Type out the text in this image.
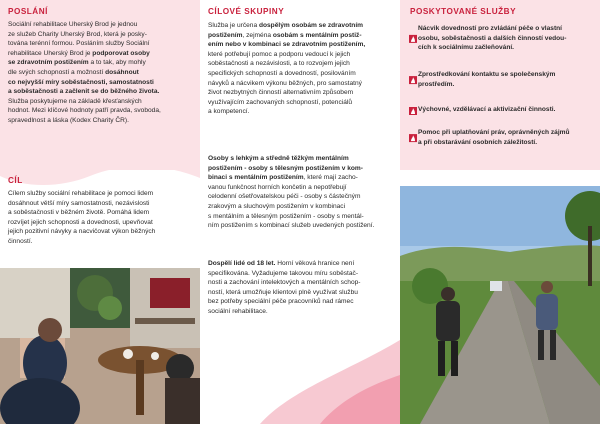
POSLÁNÍ
Sociální rehabilitace Uherský Brod je jednou
ze služeb Charity Uherský Brod, která je posky-
tována terénní formou. Posláním služby Sociální
rehabilitace Uherský Brod je podporovat osoby
se zdravotním postižením a to tak, aby mohly
dle svých schopností a možností dosáhnout
co nejvyšší míry soběstačnosti, samostatnosti
a soběstačnosti a začlenit se do běžného života.
Služba poskytujeme na základě křesťanských
hodnot. Mezi klíčové hodnoty patří pravda, svoboda,
spravedlnost a láska (Kodex Charity ČR).
CÍL
Cílem služby sociální rehabilitace je pomoci lidem
dosáhnout větší míry samostatnosti, nezávislosti
a soběstačnosti v běžném životě. Pomáhá lidem
rozvíjet jejich schopnosti a dovednosti, upevňovat
jejich pozitivní návyky a nacvičovat výkon běžných
činností.
CÍLOVÉ SKUPINY
Služba je určena dospělým osobám se zdravotním
postižením, zejména osobám s mentálním postiž-
ením nebo v kombinaci se zdravotním postižením,
které potřebují pomoc a podporu vedoucí k jejich
soběstačnosti a nezávislosti, a to rozvojem jejich
specifických schopností a dovedností, posilováním
návyků a nácvikem výkonu běžných, pro samostatný
život nezbytných činností alternativním způsobem
využívajícím zachovaných schopností, potenciálů
a kompetencí.
Osoby s lehkým a středně těžkým mentálním
postižením - osoby s tělesným postižením v kom-
binaci s mentálním postižením, které mají zacho-
vanou funkčnost horních končetin a nepotřebují
celodenní ošetřovatelskou péči - osoby s částečným
zrakovým a sluchovým postižením v kombinaci
s mentálním a tělesným postižením - osoby s mentál-
ním postižením s kombinací služeb uvedených postižení.
Dospělí lidé od 18 let. Horní věková hranice není
specifikována. Vyžadujeme takovou míru soběstač-
nosti a zachování intelektových a mentálních schop-
ností, která umožňuje klientovi plně využívat službu
bez potřeby speciální péče pracovníků nad rámec
sociální rehabilitace.
POSKYTOVANÉ SLUŽBY
Nácvik dovedností pro zvládání péče o vlastní
osobu, soběstačnosti a dalších činností vedou-
cích k sociálnímu začleňování.
Zprostředkování kontaktu se společenským
prostředím.
Výchovné, vzdělávací a aktivizační činnosti.
Pomoc při uplatňování práv, oprávněných zájmů
a při obstarávání osobních záležitostí.
